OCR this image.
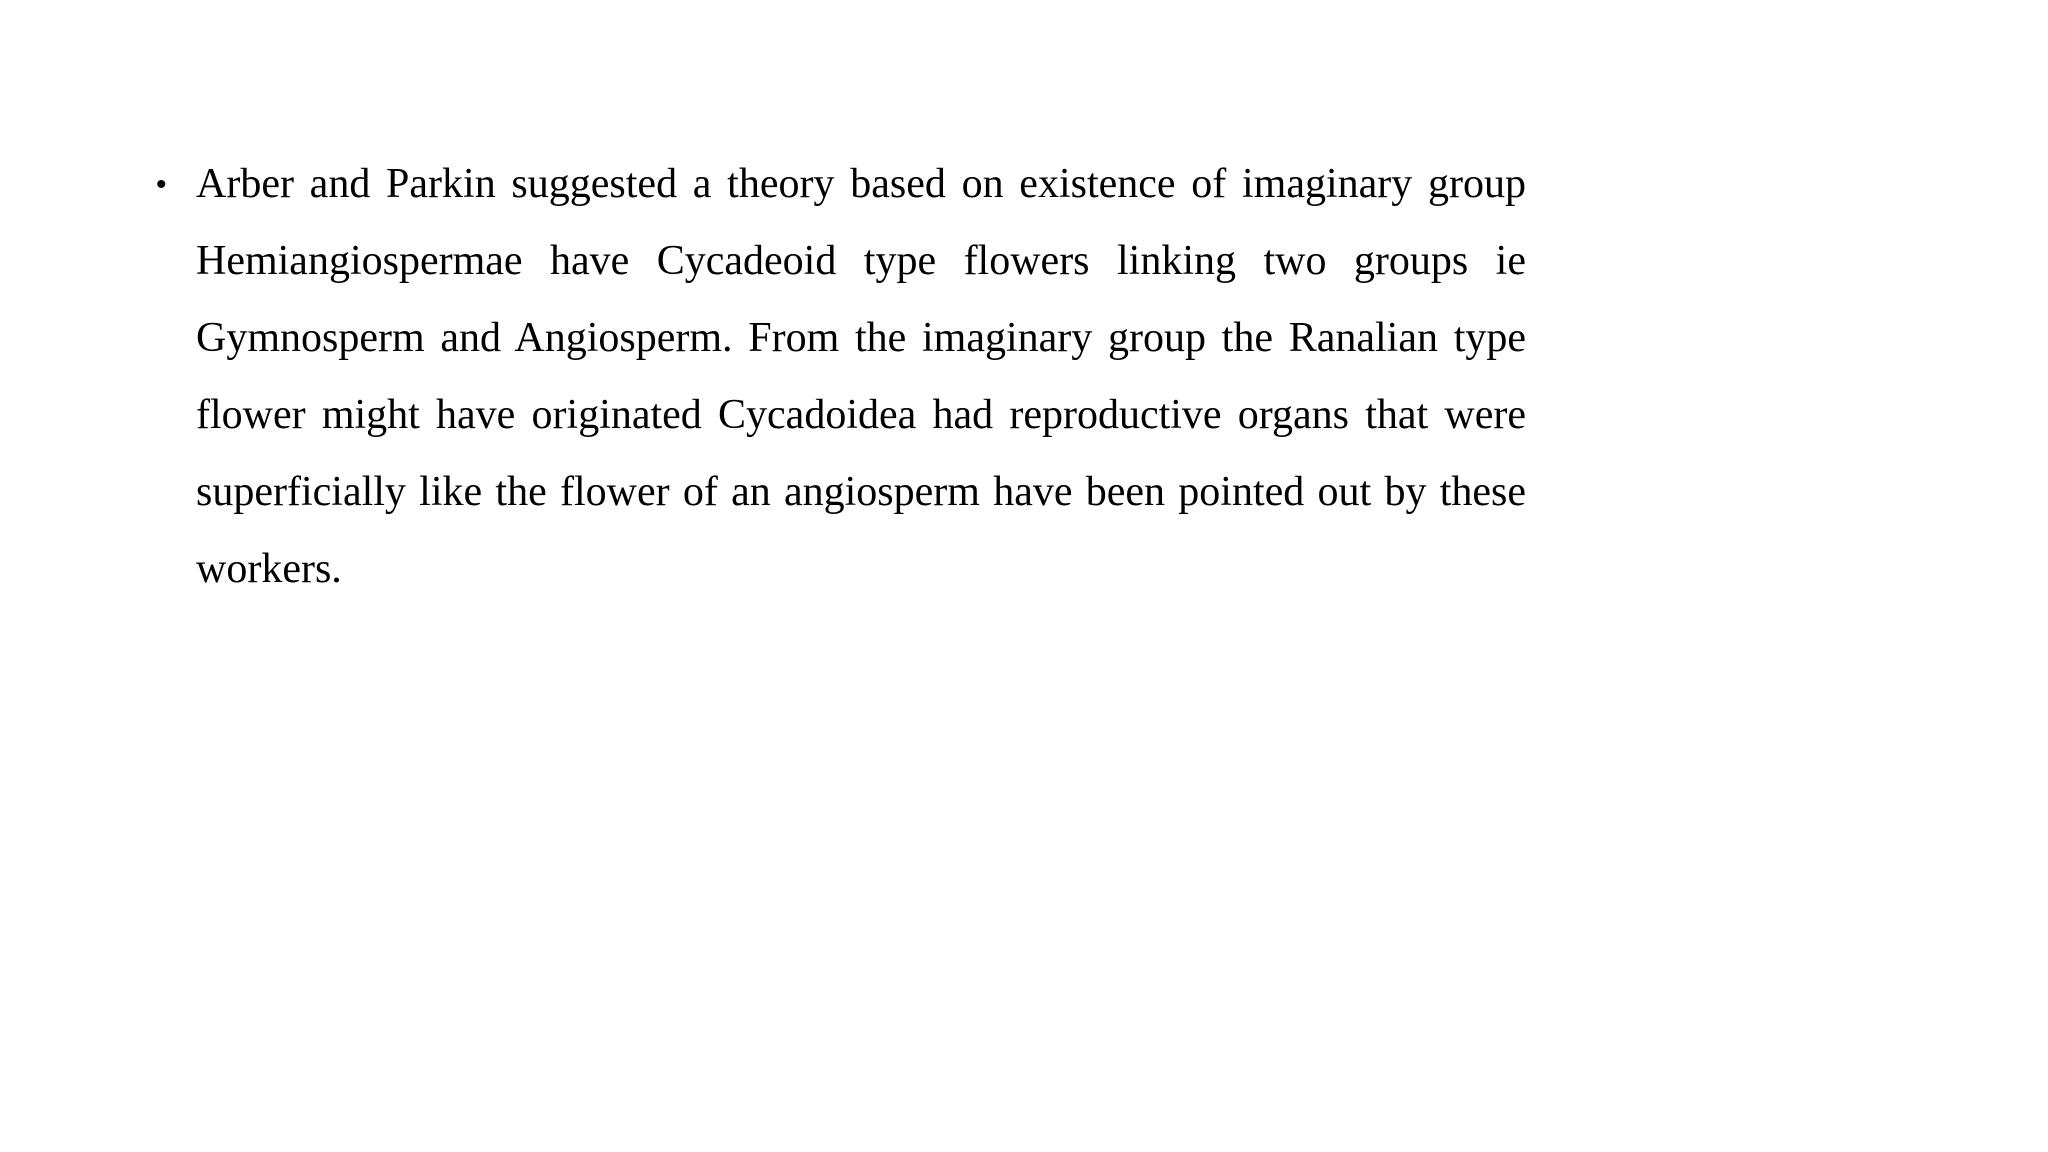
• Arber and Parkin suggested a theory based on existence of imaginary group Hemiangiospermae have Cycadeoid type flowers linking two groups ie Gymnosperm and Angiosperm. From the imaginary group the Ranalian type flower might have originated Cycadoidea had reproductive organs that were superficially like the flower of an angiosperm have been pointed out by these workers.
